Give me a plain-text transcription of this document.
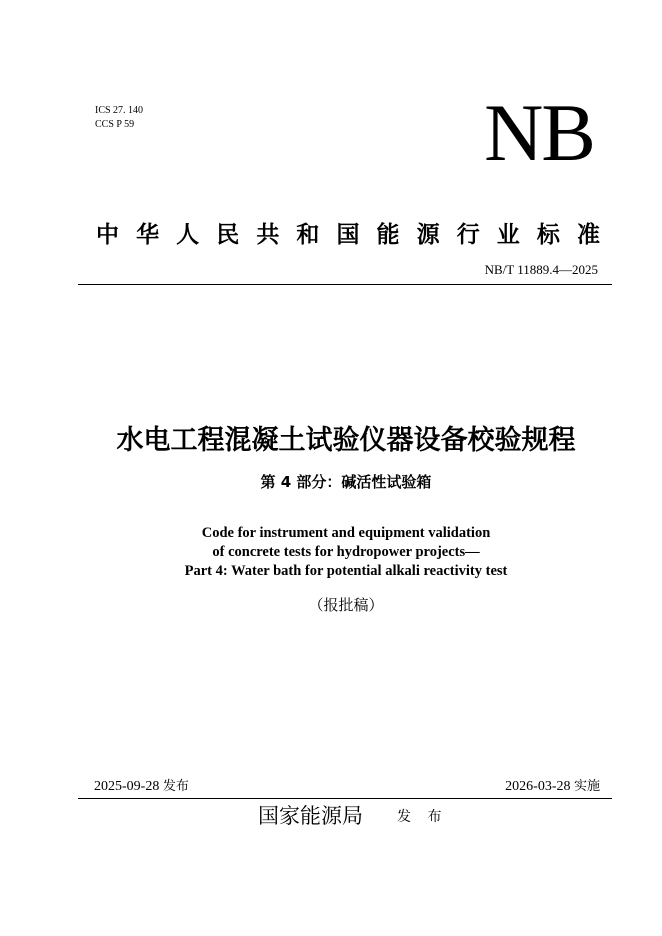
ICS 27. 140
CCS P 59	NB
中 华 人 民 共 和 国 能 源 行 业 标 准
NB/T 11889.4—2025
水电工程混凝土试验仪器设备校验规程
第 4 部分：碱活性试验箱
Code for instrument and equipment validation
of concrete tests for hydropower projects—
Part 4: Water bath for potential alkali reactivity test
（报批稿）
2025-09-28 发布	2026-03-28 实施
国家能源局 发 布
